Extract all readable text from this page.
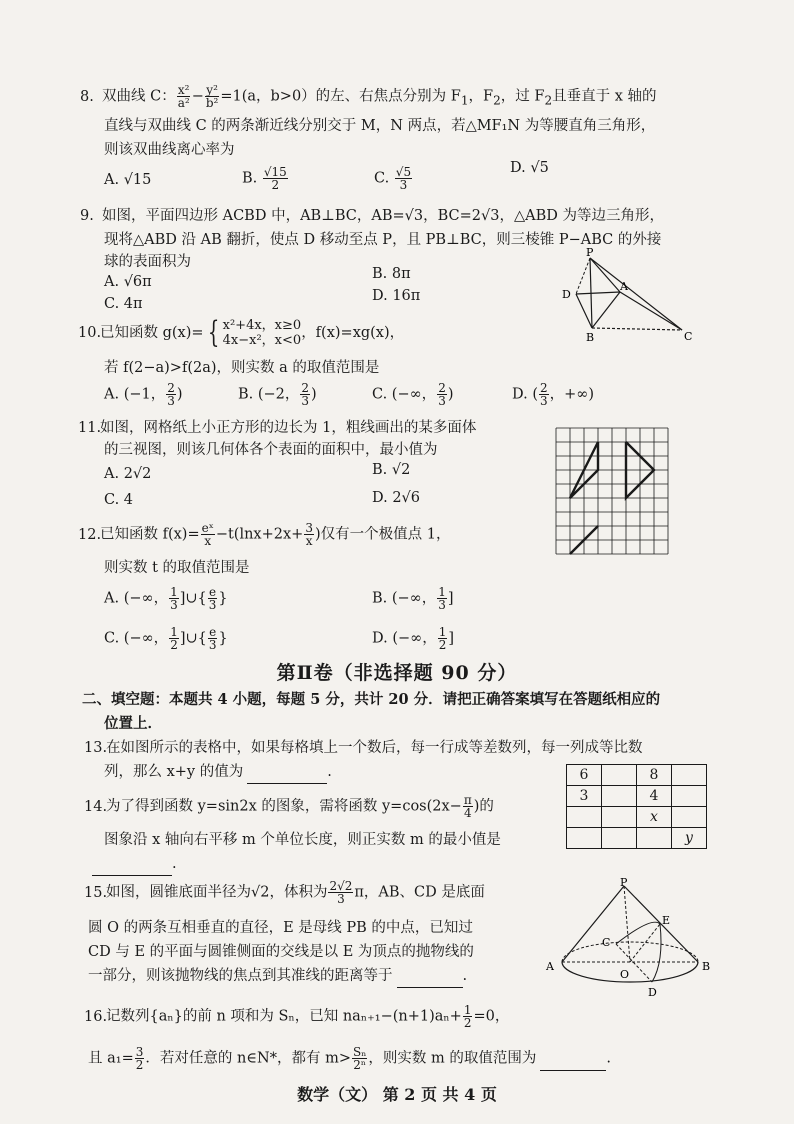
8. 双曲线 C： $\frac{\text{x²}}{\text{a²}} - \frac{\text{y²}}{\text{b²}} =1(a$，b>0）的左、右焦点分别为 $F_1$，$F_2$，过 $F_2$且垂直于 x 轴的
直线与双曲线 C 的两条渐近线分别交于 M，N 两点，若△MF₁N 为等腰直角三角形，
则该双曲线离心率为
A. √15	B. $\frac{√15}{2}$	C. $\frac{√5}{3}$	D. √5
9. 如图，平面四边形 ACBD 中，AB⊥BC，AB=√3，BC=2√3，△ABD 为等边三角形，
现将△ABD 沿 AB 翻折，使点 D 移动至点 P，且 PB⊥BC，则三棱锥 P−ABC 的外接
球的表面积为
A. √6π	B. 8π
C. 4π	D. 16π
P
D
A
B	C
10.已知函数 g(x)= { x²+4x，x≥0
4x−x²，x<0 ，f(x)=xg(x)，
若 f(2−a)>f(2a)，则实数 a 的取值范围是
A. (−1， $\frac{2}{3}$ )	B. (−2， $\frac{2}{3}$ )	C. (−∞， $\frac{2}{3}$ )	D. ( $\frac{2}{3}$ ，+∞)
11.如图，网格纸上小正方形的边长为 1，粗线画出的某多面体
的三视图，则该几何体各个表面的面积中，最小值为
A. 2√2	B. √2
C. 4	D. 2√6
12.已知函数 $f(x)= \frac{\text{eˣ}}{x} -t(\ln x+2x+ \frac{3}{x}$ )仅有一个极值点 1，
则实数 t 的取值范围是
A. (−∞， $\frac{1}{3}$ ]∪{ $\frac{e}{3}$ }	B. (−∞， $\frac{1}{3}$ ]
C. (−∞， $\frac{1}{2}$ ]∪{ $\frac{e}{3}$ }	D. (−∞， $\frac{1}{2}$ ]
第Ⅱ卷（非选择题 90 分）
二、填空题：本题共 4 小题，每题 5 分，共计 20 分．请把正确答案填写在答题纸相应的
位置上．
13.在如图所示的表格中，如果每格填上一个数后，每一行成等差数列，每一列成等比数
列，那么 x+y 的值为	.	6		8	
3		4	
		x	
			y
14.为了得到函数 y=sin2x 的图象，需将函数 $y=\cos(2x- \frac{\pi}{4}$ )的
图象沿 x 轴向右平移 m 个单位长度，则正实数 m 的最小值是
.
15.如图，圆锥底面半径为√2，体积为 $\frac{2√2}{3}$ π，AB、CD 是底面
圆 O 的两条互相垂直的直径，E 是母线 PB 的中点，已知过
CD 与 E 的平面与圆锥侧面的交线是以 E 为顶点的抛物线的
一部分，则该抛物线的焦点到其准线的距离等于	.
P
E
C
A
O
B
D
16.记数列{aₙ}的前 n 项和为 Sₙ，已知 $na_{n+1}-(n+1)a_n+ \frac{1}{2} =0$，
且 $a_1= \frac{3}{2}$ ．若对任意的 n∈N*，都有 $m> \frac{\text{Sₙ}}{\text{2ⁿ}}$ ，则实数 m 的取值范围为	.
数学（文） 第 2 页 共 4 页
